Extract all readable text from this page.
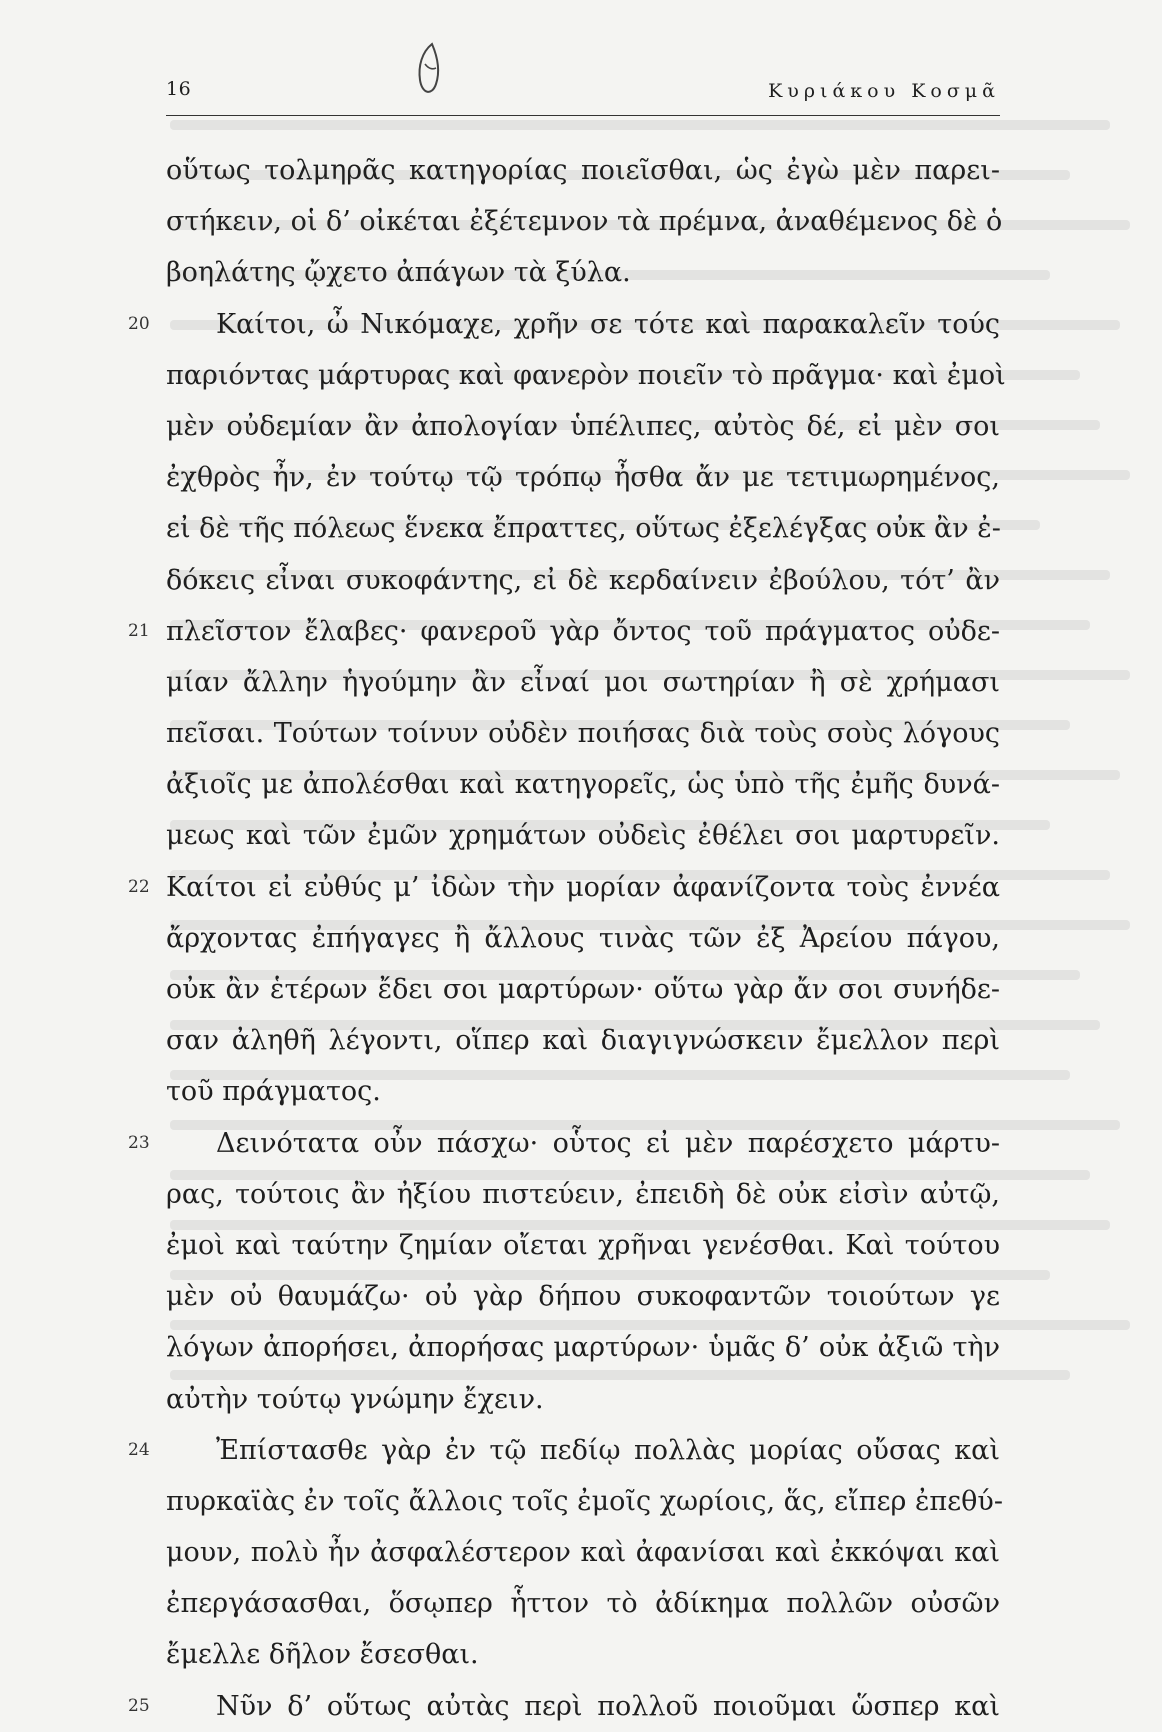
16	Κυριάκου Κοσμᾶ
οὕτως τολμηρᾶς κατηγορίας ποιεῖσθαι, ὡς ἐγὼ μὲν παρει-
στήκειν, οἱ δ’ οἰκέται ἐξέτεμνον τὰ πρέμνα, ἀναθέμενος δὲ ὁ
βοηλάτης ᾤχετο ἀπάγων τὰ ξύλα.
20 Καίτοι, ὦ Νικόμαχε, χρῆν σε τότε καὶ παρακαλεῖν τούς
παριόντας μάρτυρας καὶ φανερὸν ποιεῖν τὸ πρᾶγμα· καὶ ἐμοὶ
μὲν οὐδεμίαν ἂν ἀπολογίαν ὑπέλιπες, αὐτὸς δέ, εἰ μὲν σοι
ἐχθρὸς ἦν, ἐν τούτῳ τῷ τρόπῳ ἦσθα ἄν με τετιμωρημένος,
εἰ δὲ τῆς πόλεως ἕνεκα ἔπραττες, οὕτως ἐξελέγξας οὐκ ἂν ἐ-
δόκεις εἶναι συκοφάντης, εἰ δὲ κερδαίνειν ἐβούλου, τότ’ ἂν
21 πλεῖστον ἔλαβες· φανεροῦ γὰρ ὄντος τοῦ πράγματος οὐδε-
μίαν ἄλλην ἡγούμην ἂν εἶναί μοι σωτηρίαν ἢ σὲ χρήμασι
πεῖσαι. Τούτων τοίνυν οὐδὲν ποιήσας διὰ τοὺς σοὺς λόγους
ἀξιοῖς με ἀπολέσθαι καὶ κατηγορεῖς, ὡς ὑπὸ τῆς ἐμῆς δυνά-
μεως καὶ τῶν ἐμῶν χρημάτων οὐδεὶς ἐθέλει σοι μαρτυρεῖν.
22 Καίτοι εἰ εὐθύς μ’ ἰδὼν τὴν μορίαν ἀφανίζοντα τοὺς ἐννέα
ἄρχοντας ἐπήγαγες ἢ ἄλλους τινὰς τῶν ἐξ Ἀρείου πάγου,
οὐκ ἂν ἑτέρων ἔδει σοι μαρτύρων· οὕτω γὰρ ἄν σοι συνήδε-
σαν ἀληθῆ λέγοντι, οἵπερ καὶ διαγιγνώσκειν ἔμελλον περὶ
τοῦ πράγματος.
23 Δεινότατα οὖν πάσχω· οὗτος εἰ μὲν παρέσχετο μάρτυ-
ρας, τούτοις ἂν ἠξίου πιστεύειν, ἐπειδὴ δὲ οὐκ εἰσὶν αὐτῷ,
ἐμοὶ καὶ ταύτην ζημίαν οἴεται χρῆναι γενέσθαι. Καὶ τούτου
μὲν οὐ θαυμάζω· οὐ γὰρ δήπου συκοφαντῶν τοιούτων γε
λόγων ἀπορήσει, ἀπορήσας μαρτύρων· ὑμᾶς δ’ οὐκ ἀξιῶ τὴν
αὐτὴν τούτῳ γνώμην ἔχειν.
24 Ἐπίστασθε γὰρ ἐν τῷ πεδίῳ πολλὰς μορίας οὔσας καὶ
πυρκαϊὰς ἐν τοῖς ἄλλοις τοῖς ἐμοῖς χωρίοις, ἅς, εἴπερ ἐπεθύ-
μουν, πολὺ ἦν ἀσφαλέστερον καὶ ἀφανίσαι καὶ ἐκκόψαι καὶ
ἐπεργάσασθαι, ὅσῳπερ ἧττον τὸ ἀδίκημα πολλῶν οὐσῶν
ἔμελλε δῆλον ἔσεσθαι.
25 Νῦν δ’ οὕτως αὐτὰς περὶ πολλοῦ ποιοῦμαι ὥσπερ καὶ
